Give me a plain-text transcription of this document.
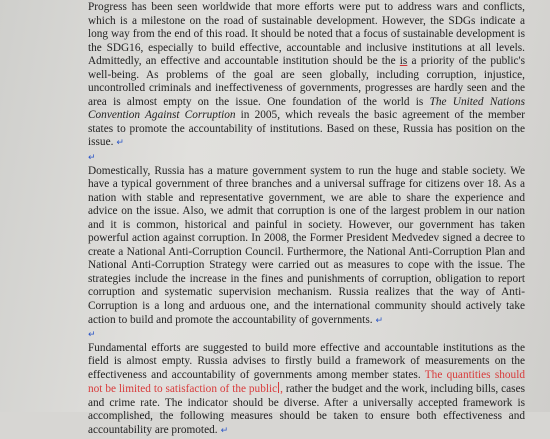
Progress has been seen worldwide that more efforts were put to address wars and conflicts, which is a milestone on the road of sustainable development. However, the SDGs indicate a long way from the end of this road. It should be noted that a focus of sustainable development is the SDG16, especially to build effective, accountable and inclusive institutions at all levels. Admittedly, an effective and accountable institution should be the is a priority of the public's well-being. As problems of the goal are seen globally, including corruption, injustice, uncontrolled criminals and ineffectiveness of governments, progresses are hardly seen and the area is almost empty on the issue. One foundation of the world is The United Nations Convention Against Corruption in 2005, which reveals the basic agreement of the member states to promote the accountability of institutions. Based on these, Russia has position on the issue. ↵

↵

Domestically, Russia has a mature government system to run the huge and stable society. We have a typical government of three branches and a universal suffrage for citizens over 18. As a nation with stable and representative government, we are able to share the experience and advice on the issue. Also, we admit that corruption is one of the largest problem in our nation and it is common, historical and painful in society. However, our government has taken powerful action against corruption. In 2008, the Former President Medvedev signed a decree to create a National Anti-Corruption Council. Furthermore, the National Anti-Corruption Plan and National Anti-Corruption Strategy were carried out as measures to cope with the issue. The strategies include the increase in the fines and punishments of corruption, obligation to report corruption and systematic supervision mechanism. Russia realizes that the way of Anti-Corruption is a long and arduous one, and the international community should actively take action to build and promote the accountability of governments. ↵

↵

Fundamental efforts are suggested to build more effective and accountable institutions as the field is almost empty. Russia advises to firstly build a framework of measurements on the effectiveness and accountability of governments among member states. The quantities should not be limited to satisfaction of the public , rather the budget and the work, including bills, cases and crime rate. The indicator should be diverse. After a universally accepted framework is accomplished, the following measures should be taken to ensure both effectiveness and accountability are promoted. ↵
